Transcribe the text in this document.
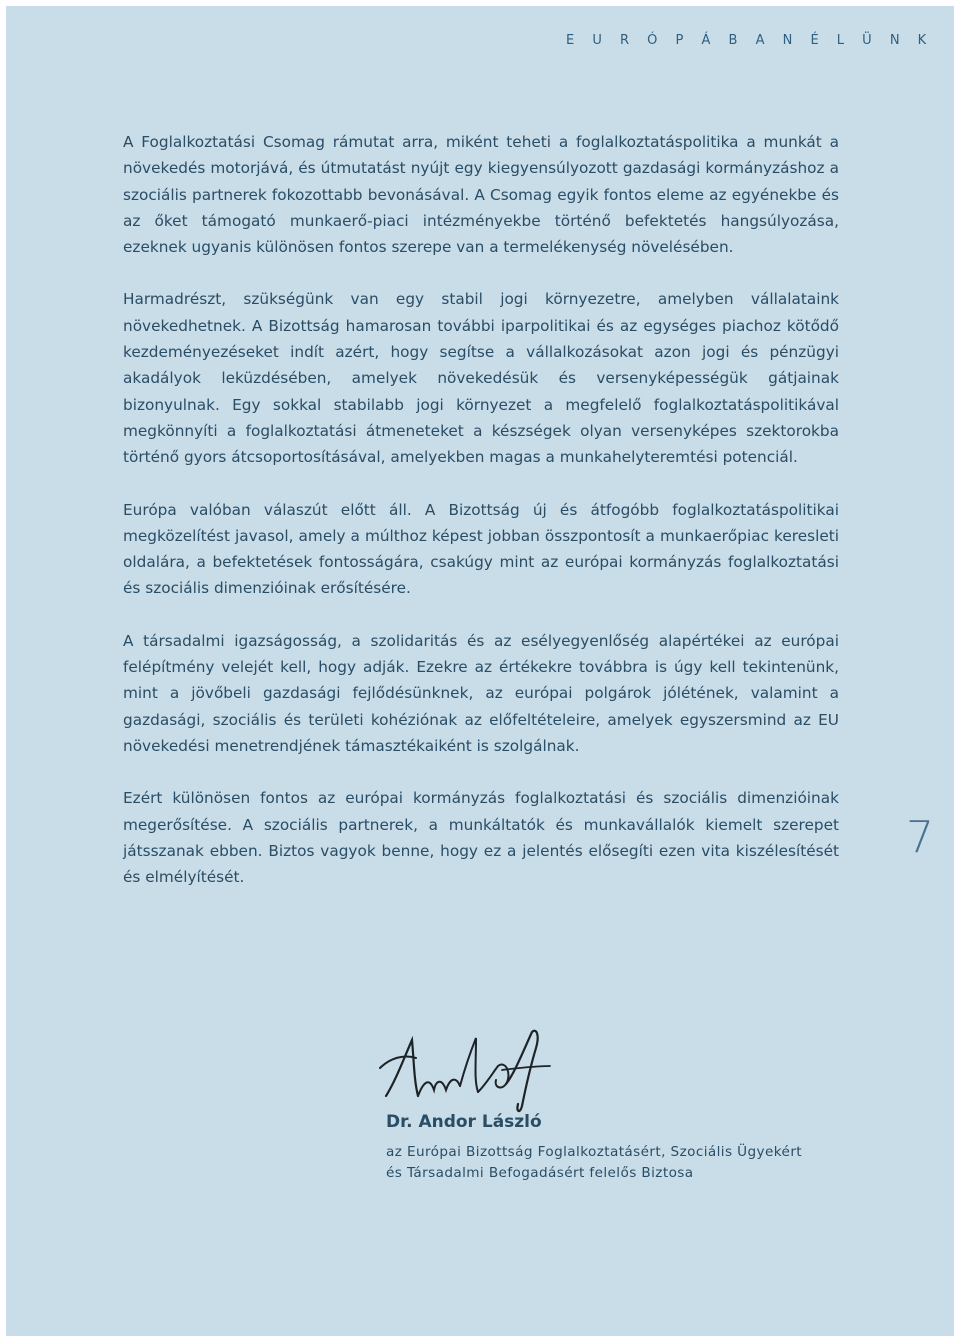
E U R Ó P Á B A N É L Ü N K

A Foglalkoztatási Csomag rámutat arra, miként teheti a foglalkoztatáspolitika a munkát a növekedés motorjává, és útmutatást nyújt egy kiegyensúlyozott gazdasági kormányzáshoz a szociális partnerek fokozottabb bevonásával. A Csomag egyik fontos eleme az egyénekbe és az őket támogató munkaerő-piaci intézményekbe történő befektetés hangsúlyozása, ezeknek ugyanis különösen fontos szerepe van a termelékenység növelésében.

Harmadrészt, szükségünk van egy stabil jogi környezetre, amelyben vállalataink növekedhetnek. A Bizottság hamarosan további iparpolitikai és az egységes piachoz kötődő kezdeményezéseket indít azért, hogy segítse a vállalkozásokat azon jogi és pénzügyi akadályok leküzdésében, amelyek növekedésük és versenyképességük gátjainak bizonyulnak. Egy sokkal stabilabb jogi környezet a megfelelő foglalkoztatáspolitikával megkönnyíti a foglalkoztatási átmeneteket a készségek olyan versenyképes szektorokba történő gyors átcsoportosításával, amelyekben magas a munkahelyteremtési potenciál.

Európa valóban válaszút előtt áll. A Bizottság új és átfogóbb foglalkoztatáspolitikai megközelítést javasol, amely a múlthoz képest jobban összpontosít a munkaerőpiac keresleti oldalára, a befektetések fontosságára, csakúgy mint az európai kormányzás foglalkoztatási és szociális dimenzióinak erősítésére.

A társadalmi igazságosság, a szolidaritás és az esélyegyenlőség alapértékei az európai felépítmény velejét kell, hogy adják. Ezekre az értékekre továbbra is úgy kell tekintenünk, mint a jövőbeli gazdasági fejlődésünknek, az európai polgárok jólétének, valamint a gazdasági, szociális és területi kohéziónak az előfeltételeire, amelyek egyszersmind az EU növekedési menetrendjének támasztékaiként is szolgálnak.

Ezért különösen fontos az európai kormányzás foglalkoztatási és szociális dimenzióinak megerősítése. A szociális partnerek, a munkáltatók és munkavállalók kiemelt szerepet játsszanak ebben. Biztos vagyok benne, hogy ez a jelentés elősegíti ezen vita kiszélesítését és elmélyítését.

7
Dr. Andor László
az Európai Bizottság Foglalkoztatásért, Szociális Ügyekért
és Társadalmi Befogadásért felelős Biztosa
